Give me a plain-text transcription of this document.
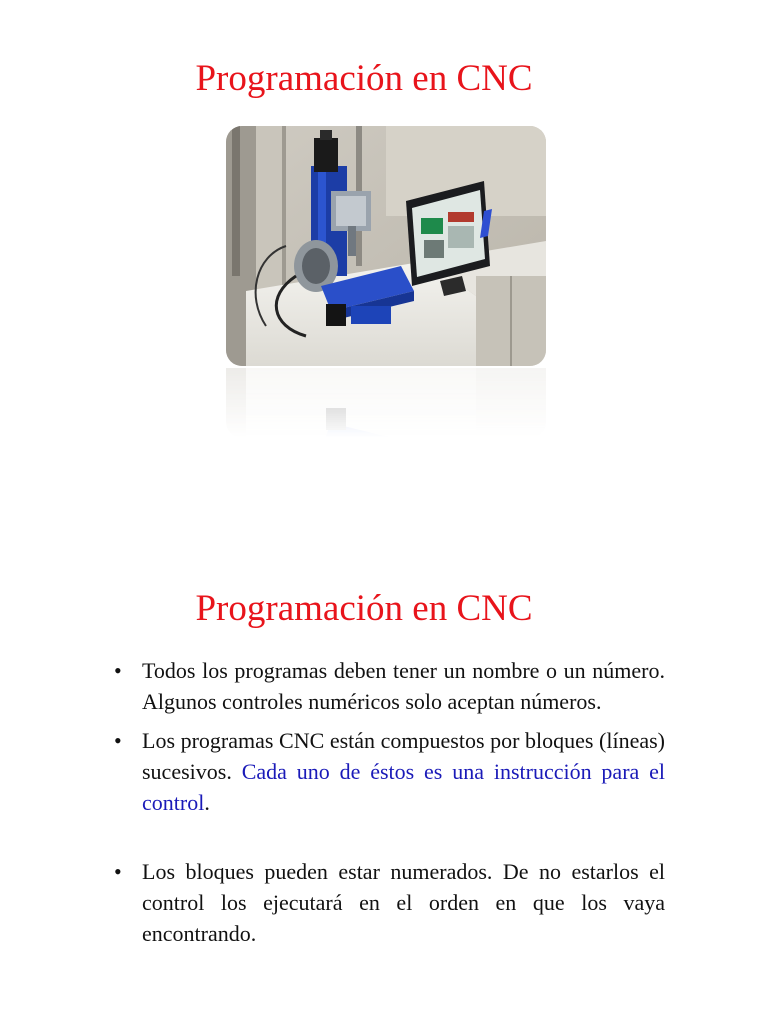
Programación en CNC
Programación en CNC
• Todos los programas deben tener un nombre o un número. Algunos controles numéricos solo aceptan números.
• Los programas CNC están compuestos por bloques (líneas) sucesivos. Cada uno de éstos es una instrucción para el control.
• Los bloques pueden estar numerados. De no estarlos el control los ejecutará en el orden en que los vaya encontrando.
